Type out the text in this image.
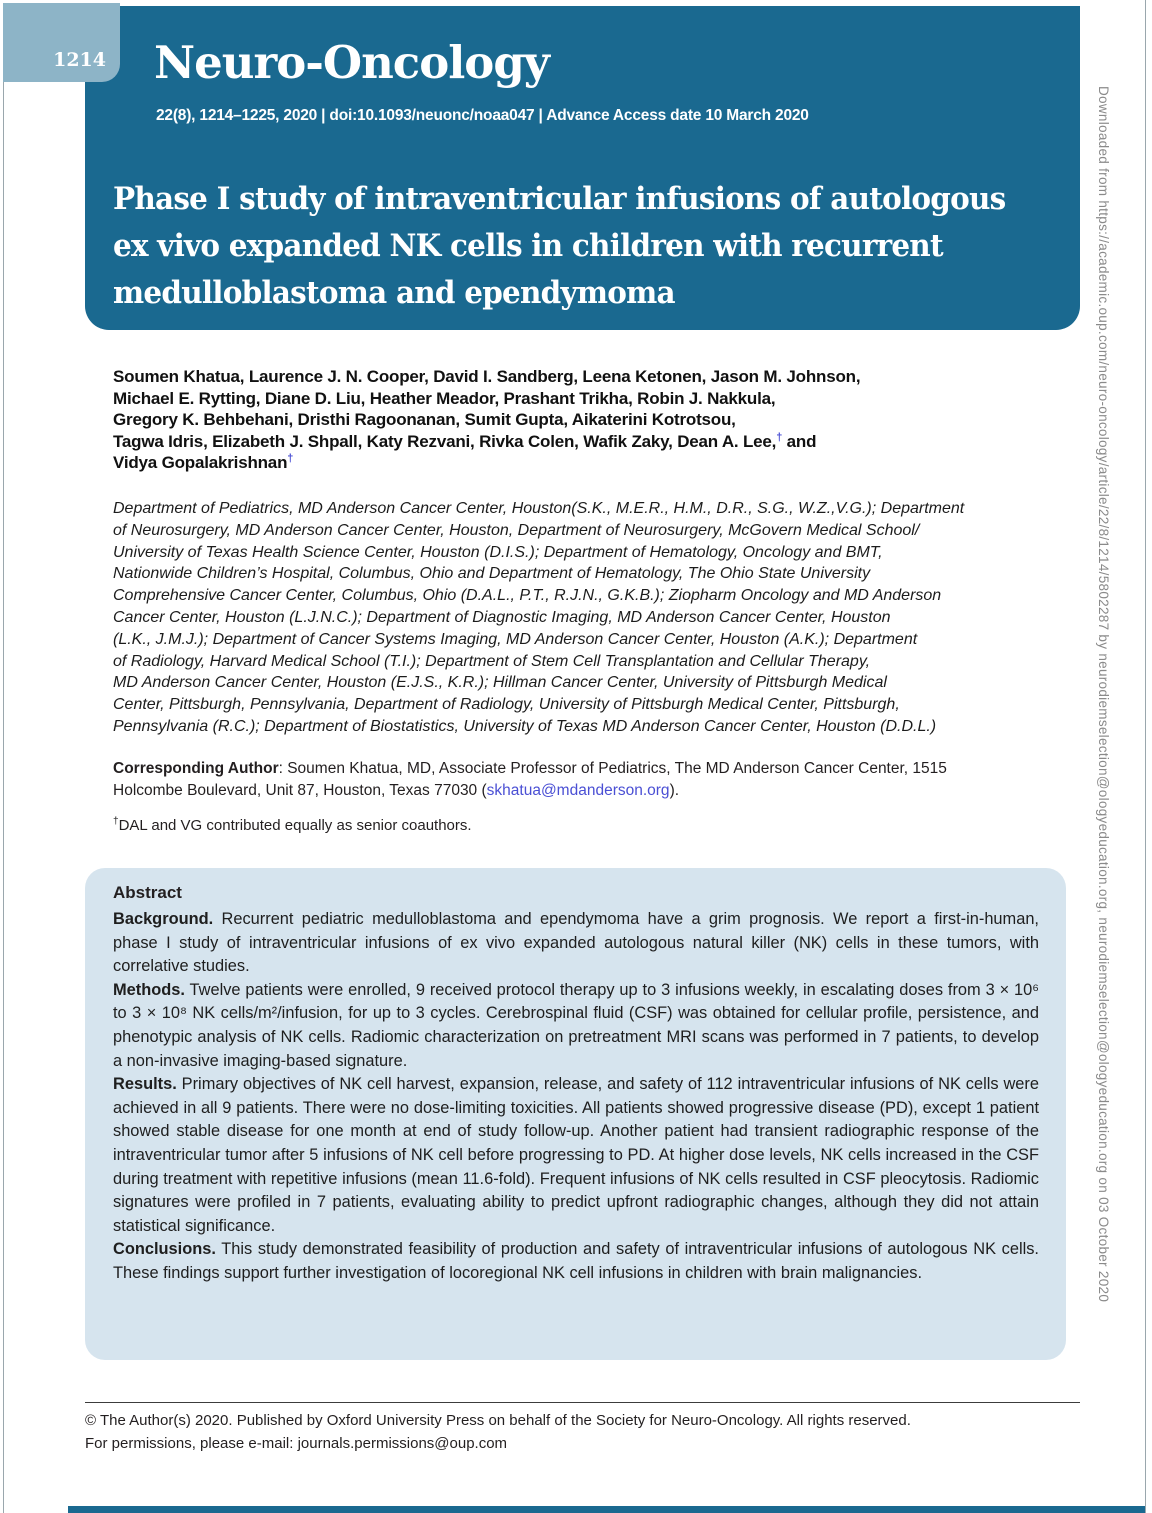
Neuro-Oncology
22(8), 1214–1225, 2020 | doi:10.1093/neuonc/noaa047 | Advance Access date 10 March 2020
Phase I study of intraventricular infusions of autologous
ex vivo expanded NK cells in children with recurrent
medulloblastoma and ependymoma
1214
Soumen Khatua, Laurence J. N. Cooper, David I. Sandberg, Leena Ketonen, Jason M. Johnson,
Michael E. Rytting, Diane D. Liu, Heather Meador, Prashant Trikha, Robin J. Nakkula,
Gregory K. Behbehani, Dristhi Ragoonanan, Sumit Gupta, Aikaterini Kotrotsou,
Tagwa Idris, Elizabeth J. Shpall, Katy Rezvani, Rivka Colen, Wafik Zaky, Dean A. Lee,† and
Vidya Gopalakrishnan†
Department of Pediatrics, MD Anderson Cancer Center, Houston(S.K., M.E.R., H.M., D.R., S.G., W.Z.,V.G.); Department
of Neurosurgery, MD Anderson Cancer Center, Houston, Department of Neurosurgery, McGovern Medical School/
University of Texas Health Science Center, Houston (D.I.S.); Department of Hematology, Oncology and BMT,
Nationwide Children’s Hospital, Columbus, Ohio and Department of Hematology, The Ohio State University
Comprehensive Cancer Center, Columbus, Ohio (D.A.L., P.T., R.J.N., G.K.B.); Ziopharm Oncology and MD Anderson
Cancer Center, Houston (L.J.N.C.); Department of Diagnostic Imaging, MD Anderson Cancer Center, Houston
(L.K., J.M.J.); Department of Cancer Systems Imaging, MD Anderson Cancer Center, Houston (A.K.); Department
of Radiology, Harvard Medical School (T.I.); Department of Stem Cell Transplantation and Cellular Therapy,
MD Anderson Cancer Center, Houston (E.J.S., K.R.); Hillman Cancer Center, University of Pittsburgh Medical
Center, Pittsburgh, Pennsylvania, Department of Radiology, University of Pittsburgh Medical Center, Pittsburgh,
Pennsylvania (R.C.); Department of Biostatistics, University of Texas MD Anderson Cancer Center, Houston (D.D.L.)

Corresponding Author: Soumen Khatua, MD, Associate Professor of Pediatrics, The MD Anderson Cancer Center, 1515 Holcombe Boulevard, Unit 87, Houston, Texas 77030 (skhatua@mdanderson.org).

†DAL and VG contributed equally as senior coauthors.

Abstract

Background. Recurrent pediatric medulloblastoma and ependymoma have a grim prognosis. We report a first-in-human, phase I study of intraventricular infusions of ex vivo expanded autologous natural killer (NK) cells in these tumors, with correlative studies.

Methods. Twelve patients were enrolled, 9 received protocol therapy up to 3 infusions weekly, in escalating doses from 3 × 10⁶ to 3 × 10⁸ NK cells/m²/infusion, for up to 3 cycles. Cerebrospinal fluid (CSF) was obtained for cellular profile, persistence, and phenotypic analysis of NK cells. Radiomic characterization on pretreatment MRI scans was performed in 7 patients, to develop a non-invasive imaging-based signature.

Results. Primary objectives of NK cell harvest, expansion, release, and safety of 112 intraventricular infusions of NK cells were achieved in all 9 patients. There were no dose-limiting toxicities. All patients showed progressive disease (PD), except 1 patient showed stable disease for one month at end of study follow-up. Another patient had transient radiographic response of the intraventricular tumor after 5 infusions of NK cell before progressing to PD. At higher dose levels, NK cells increased in the CSF during treatment with repetitive infusions (mean 11.6-fold). Frequent infusions of NK cells resulted in CSF pleocytosis. Radiomic signatures were profiled in 7 patients, evaluating ability to predict upfront radiographic changes, although they did not attain statistical significance.

Conclusions. This study demonstrated feasibility of production and safety of intraventricular infusions of autologous NK cells. These findings support further investigation of locoregional NK cell infusions in children with brain malignancies.

© The Author(s) 2020. Published by Oxford University Press on behalf of the Society for Neuro-Oncology. All rights reserved.

For permissions, please e-mail: journals.permissions@oup.com

Downloaded from https://academic.oup.com/neuro-oncology/article/22/8/1214/5802287 by neurodiemselection@ologyeducation.org, neurodiemselection@ologyeducation.org on 03 October 2020
